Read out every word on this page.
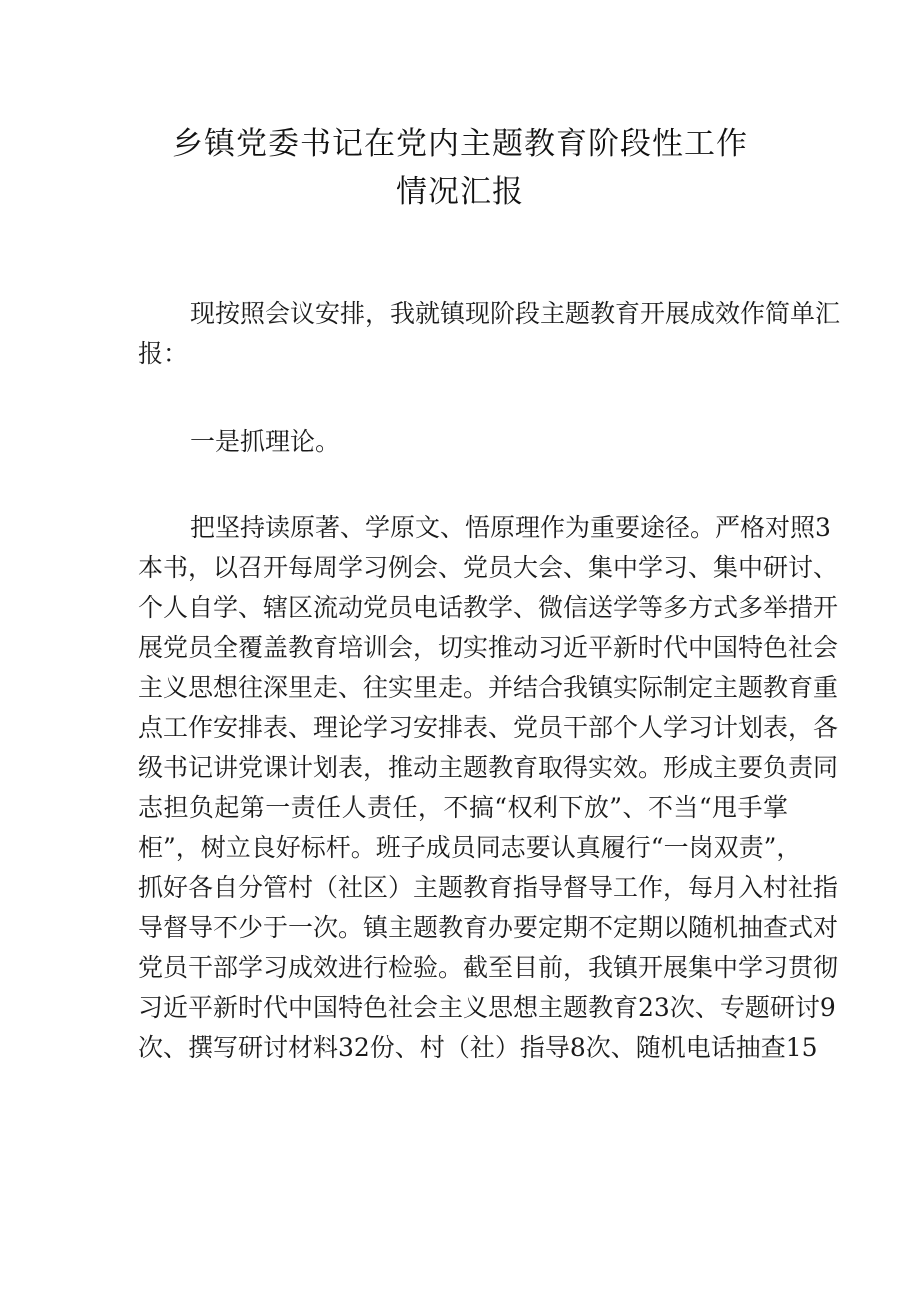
乡镇党委书记在党内主题教育阶段性工作
情况汇报
现按照会议安排，我就镇现阶段主题教育开展成效作简单汇
报：
一是抓理论。
把坚持读原著、学原文、悟原理作为重要途径。严格对照3
本书，以召开每周学习例会、党员大会、集中学习、集中研讨、
个人自学、辖区流动党员电话教学、微信送学等多方式多举措开
展党员全覆盖教育培训会，切实推动习近平新时代中国特色社会
主义思想往深里走、往实里走。并结合我镇实际制定主题教育重
点工作安排表、理论学习安排表、党员干部个人学习计划表，各
级书记讲党课计划表，推动主题教育取得实效。形成主要负责同
志担负起第一责任人责任，不搞“权利下放”、不当“甩手掌
柜”，树立良好标杆。班子成员同志要认真履行“一岗双责”，
抓好各自分管村（社区）主题教育指导督导工作，每月入村社指
导督导不少于一次。镇主题教育办要定期不定期以随机抽查式对
党员干部学习成效进行检验。截至目前，我镇开展集中学习贯彻
习近平新时代中国特色社会主义思想主题教育23次、专题研讨9
次、撰写研讨材料32份、村（社）指导8次、随机电话抽查15
